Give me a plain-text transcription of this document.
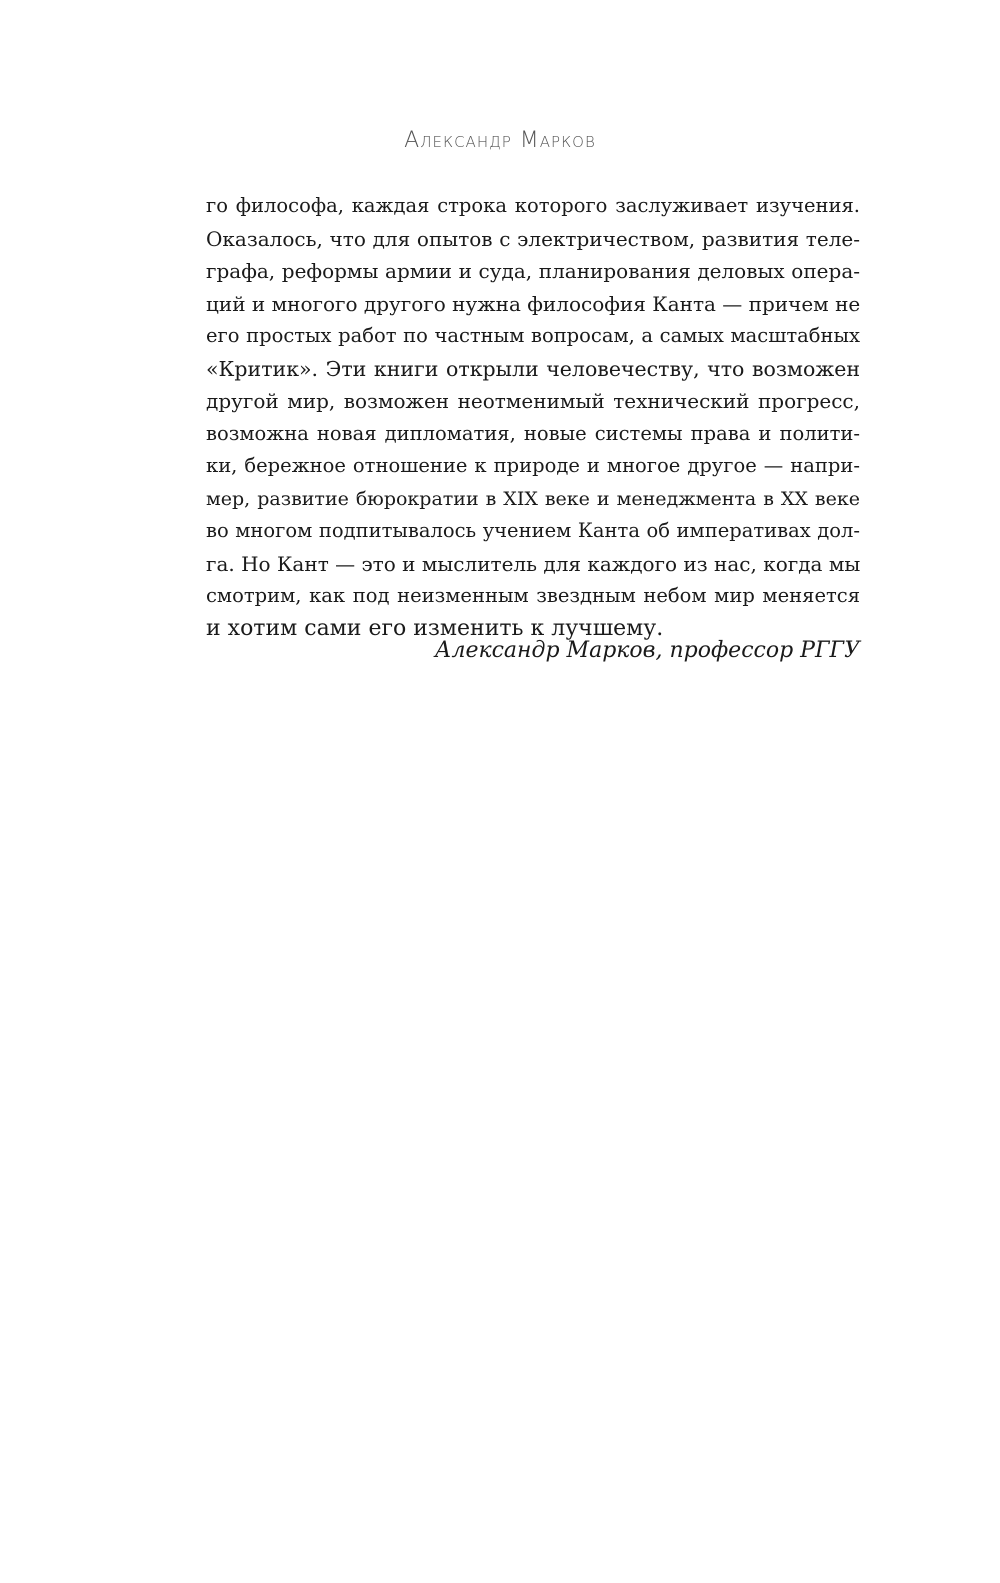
Александр Марков
го философа, каждая строка которого заслуживает изучения.
Оказалось, что для опытов с электричеством, развития теле-
графа, реформы армии и суда, планирования деловых опера-
ций и многого другого нужна философия Канта — причем не
его простых работ по частным вопросам, а самых масштабных
«Критик». Эти книги открыли человечеству, что возможен
другой мир, возможен неотменимый технический прогресс,
возможна новая дипломатия, новые системы права и полити-
ки, бережное отношение к природе и многое другое — напри-
мер, развитие бюрократии в XIX веке и менеджмента в XX веке
во многом подпитывалось учением Канта об императивах дол-
га. Но Кант — это и мыслитель для каждого из нас, когда мы
смотрим, как под неизменным звездным небом мир меняется
и хотим сами его изменить к лучшему.
Александр Марков, профессор РГГУ
